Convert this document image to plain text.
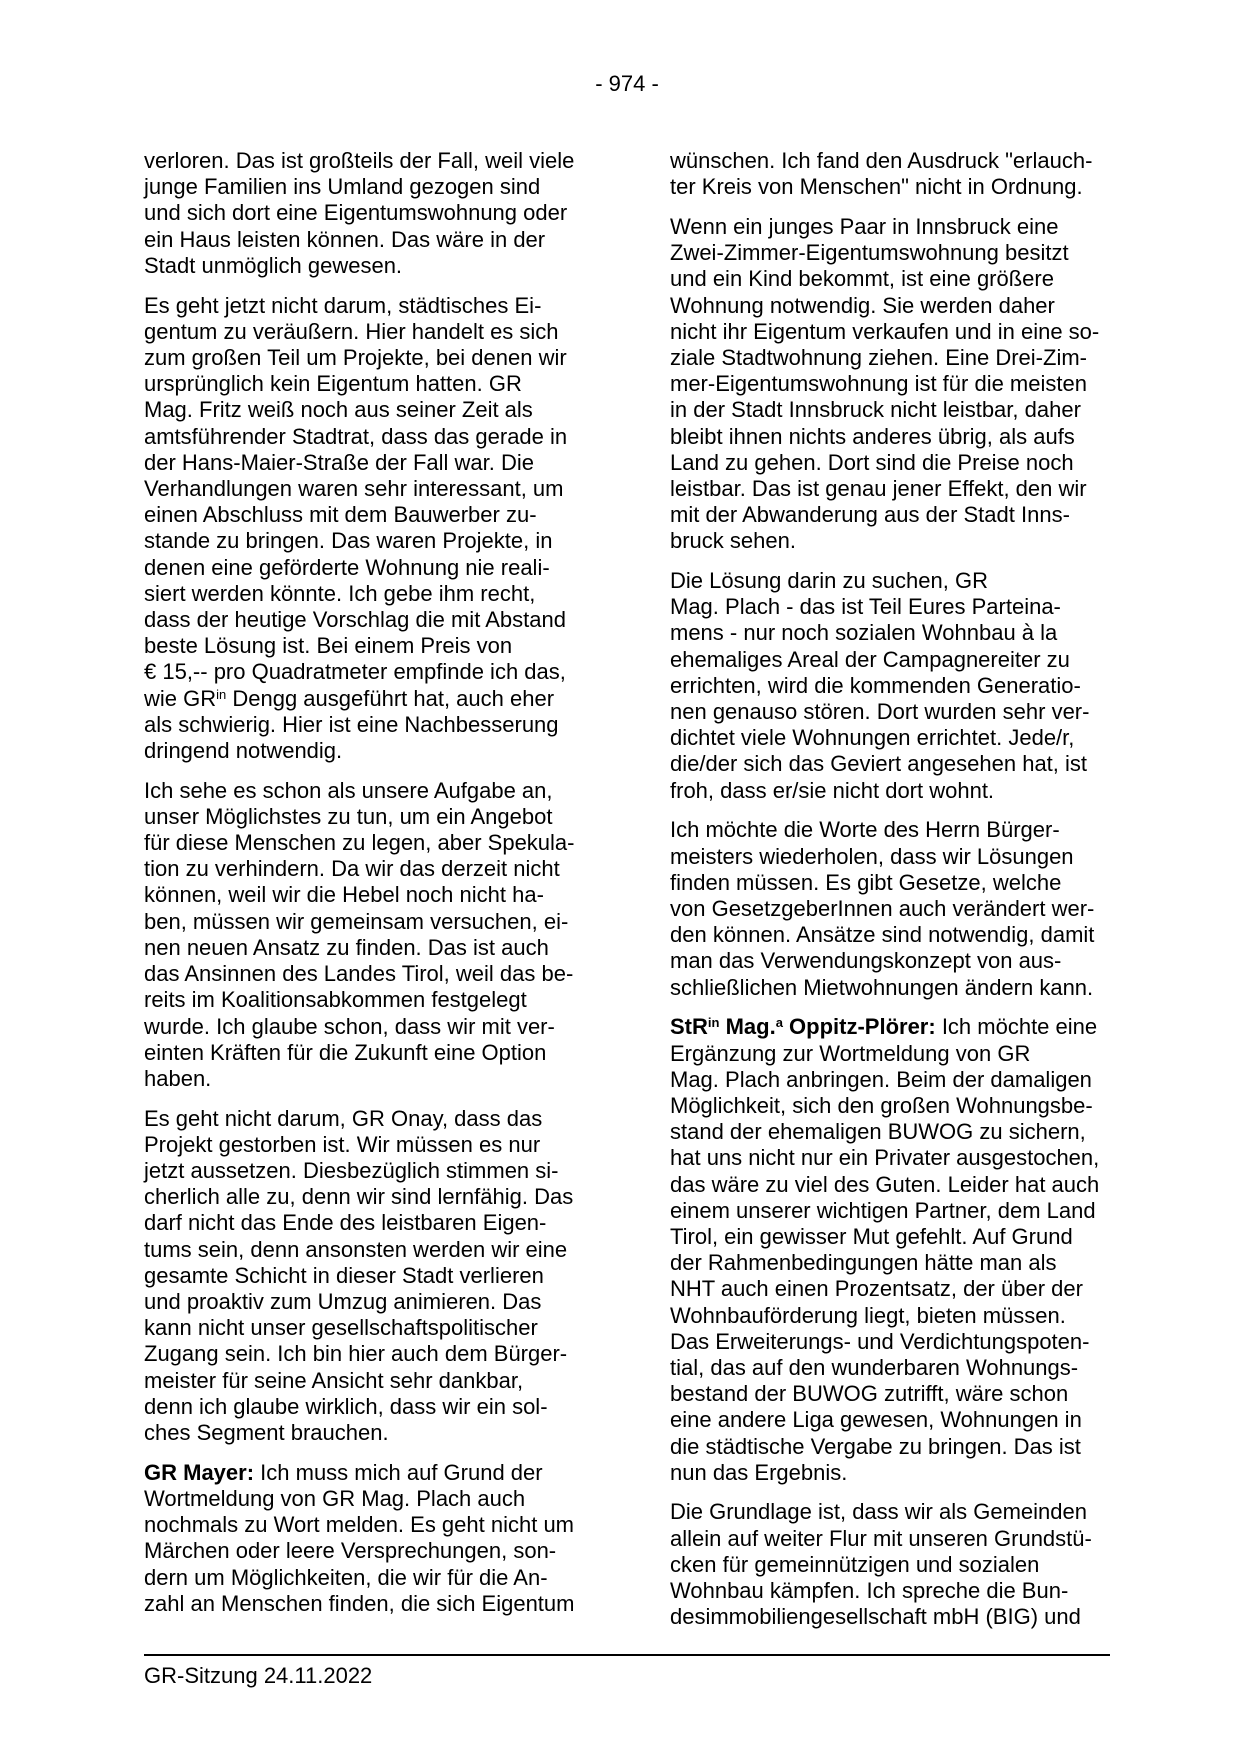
- 974 -

verloren. Das ist großteils der Fall, weil viele
junge Familien ins Umland gezogen sind
und sich dort eine Eigentumswohnung oder
ein Haus leisten können. Das wäre in der
Stadt unmöglich gewesen.

Es geht jetzt nicht darum, städtisches Ei-
gentum zu veräußern. Hier handelt es sich
zum großen Teil um Projekte, bei denen wir
ursprünglich kein Eigentum hatten. GR
Mag. Fritz weiß noch aus seiner Zeit als
amtsführender Stadtrat, dass das gerade in
der Hans-Maier-Straße der Fall war. Die
Verhandlungen waren sehr interessant, um
einen Abschluss mit dem Bauwerber zu-
stande zu bringen. Das waren Projekte, in
denen eine geförderte Wohnung nie reali-
siert werden könnte. Ich gebe ihm recht,
dass der heutige Vorschlag die mit Abstand
beste Lösung ist. Bei einem Preis von
€ 15,-- pro Quadratmeter empfinde ich das,
wie $GR^{in}$ Dengg ausgeführt hat, auch eher
als schwierig. Hier ist eine Nachbesserung
dringend notwendig.

Ich sehe es schon als unsere Aufgabe an,
unser Möglichstes zu tun, um ein Angebot
für diese Menschen zu legen, aber Spekula-
tion zu verhindern. Da wir das derzeit nicht
können, weil wir die Hebel noch nicht ha-
ben, müssen wir gemeinsam versuchen, ei-
nen neuen Ansatz zu finden. Das ist auch
das Ansinnen des Landes Tirol, weil das be-
reits im Koalitionsabkommen festgelegt
wurde. Ich glaube schon, dass wir mit ver-
einten Kräften für die Zukunft eine Option
haben.

Es geht nicht darum, GR Onay, dass das
Projekt gestorben ist. Wir müssen es nur
jetzt aussetzen. Diesbezüglich stimmen si-
cherlich alle zu, denn wir sind lernfähig. Das
darf nicht das Ende des leistbaren Eigen-
tums sein, denn ansonsten werden wir eine
gesamte Schicht in dieser Stadt verlieren
und proaktiv zum Umzug animieren. Das
kann nicht unser gesellschaftspolitischer
Zugang sein. Ich bin hier auch dem Bürger-
meister für seine Ansicht sehr dankbar,
denn ich glaube wirklich, dass wir ein sol-
ches Segment brauchen.

GR Mayer: Ich muss mich auf Grund der
Wortmeldung von GR Mag. Plach auch
nochmals zu Wort melden. Es geht nicht um
Märchen oder leere Versprechungen, son-
dern um Möglichkeiten, die wir für die An-
zahl an Menschen finden, die sich Eigentum

wünschen. Ich fand den Ausdruck "erlauch-
ter Kreis von Menschen" nicht in Ordnung.

Wenn ein junges Paar in Innsbruck eine
Zwei-Zimmer-Eigentumswohnung besitzt
und ein Kind bekommt, ist eine größere
Wohnung notwendig. Sie werden daher
nicht ihr Eigentum verkaufen und in eine so-
ziale Stadtwohnung ziehen. Eine Drei-Zim-
mer-Eigentumswohnung ist für die meisten
in der Stadt Innsbruck nicht leistbar, daher
bleibt ihnen nichts anderes übrig, als aufs
Land zu gehen. Dort sind die Preise noch
leistbar. Das ist genau jener Effekt, den wir
mit der Abwanderung aus der Stadt Inns-
bruck sehen.

Die Lösung darin zu suchen, GR
Mag. Plach - das ist Teil Eures Parteina-
mens - nur noch sozialen Wohnbau à la
ehemaliges Areal der Campagnereiter zu
errichten, wird die kommenden Generatio-
nen genauso stören. Dort wurden sehr ver-
dichtet viele Wohnungen errichtet. Jede/r,
die/der sich das Geviert angesehen hat, ist
froh, dass er/sie nicht dort wohnt.

Ich möchte die Worte des Herrn Bürger-
meisters wiederholen, dass wir Lösungen
finden müssen. Es gibt Gesetze, welche
von GesetzgeberInnen auch verändert wer-
den können. Ansätze sind notwendig, damit
man das Verwendungskonzept von aus-
schließlichen Mietwohnungen ändern kann.

StR$^{in}$ Mag.$^a$ Oppitz-Plörer: Ich möchte eine
Ergänzung zur Wortmeldung von GR
Mag. Plach anbringen. Beim der damaligen
Möglichkeit, sich den großen Wohnungsbe-
stand der ehemaligen BUWOG zu sichern,
hat uns nicht nur ein Privater ausgestochen,
das wäre zu viel des Guten. Leider hat auch
einem unserer wichtigen Partner, dem Land
Tirol, ein gewisser Mut gefehlt. Auf Grund
der Rahmenbedingungen hätte man als
NHT auch einen Prozentsatz, der über der
Wohnbauförderung liegt, bieten müssen.
Das Erweiterungs- und Verdichtungspoten-
tial, das auf den wunderbaren Wohnungs-
bestand der BUWOG zutrifft, wäre schon
eine andere Liga gewesen, Wohnungen in
die städtische Vergabe zu bringen. Das ist
nun das Ergebnis.

Die Grundlage ist, dass wir als Gemeinden
allein auf weiter Flur mit unseren Grundstü-
cken für gemeinnützigen und sozialen
Wohnbau kämpfen. Ich spreche die Bun-
desimmobiliengesellschaft mbH (BIG) und

GR-Sitzung 24.11.2022
